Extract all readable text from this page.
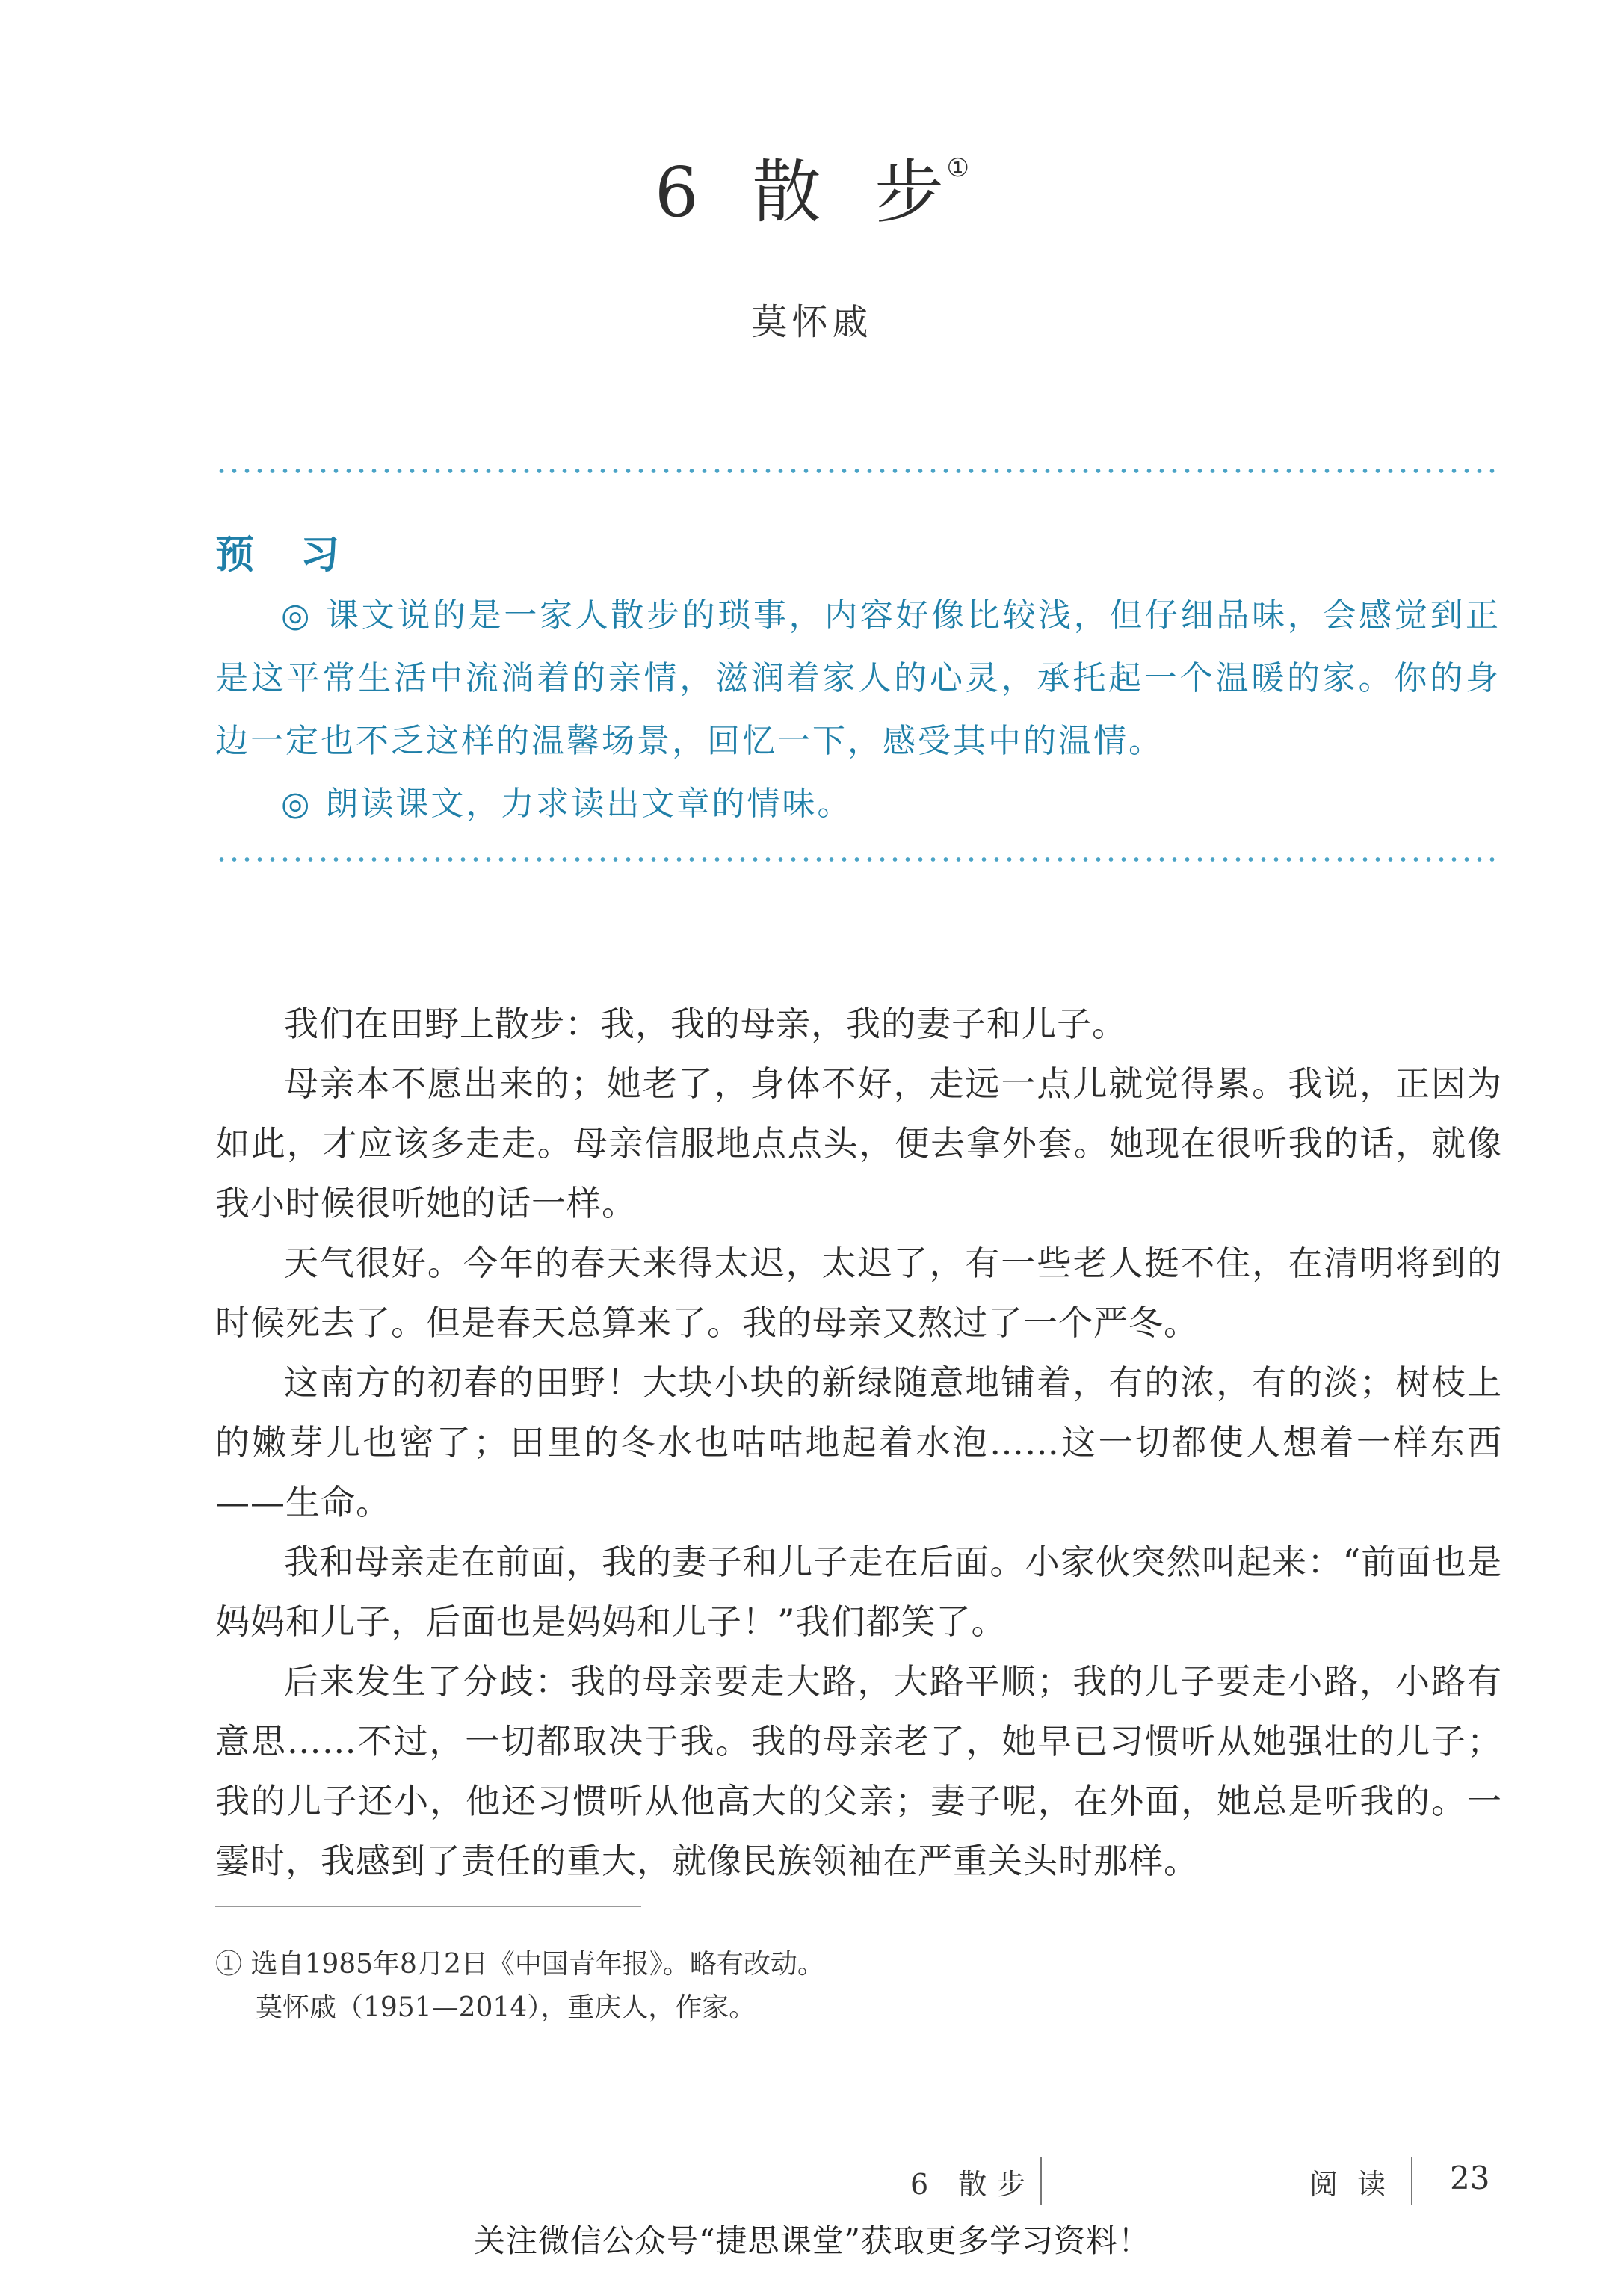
6 散 步 ①
莫怀戚
预 习

◎ 课文说的是一家人散步的琐事，内容好像比较浅，但仔细品味，会感觉到正是这平常生活中流淌着的亲情，滋润着家人的心灵，承托起一个温暖的家。你的身边一定也不乏这样的温馨场景，回忆一下，感受其中的温情。

◎ 朗读课文，力求读出文章的情味。

我们在田野上散步：我，我的母亲，我的妻子和儿子。

母亲本不愿出来的；她老了，身体不好，走远一点儿就觉得累。我说，正因为如此，才应该多走走。母亲信服地点点头，便去拿外套。她现在很听我的话，就像我小时候很听她的话一样。

天气很好。今年的春天来得太迟，太迟了，有一些老人挺不住，在清明将到的时候死去了。但是春天总算来了。我的母亲又熬过了一个严冬。

这南方的初春的田野！大块小块的新绿随意地铺着，有的浓，有的淡；树枝上的嫩芽儿也密了；田里的冬水也咕咕地起着水泡……这一切都使人想着一样东西——生命。

我和母亲走在前面，我的妻子和儿子走在后面。小家伙突然叫起来：“前面也是妈妈和儿子，后面也是妈妈和儿子！”我们都笑了。

后来发生了分歧：我的母亲要走大路，大路平顺；我的儿子要走小路，小路有意思……不过，一切都取决于我。我的母亲老了，她早已习惯听从她强壮的儿子；我的儿子还小，他还习惯听从他高大的父亲；妻子呢，在外面，她总是听我的。一霎时，我感到了责任的重大，就像民族领袖在严重关头时那样。

① 选自1985年8月2日《中国青年报》。略有改动。

莫怀戚（1951—2014），重庆人，作家。

6 散步	阅读 23
关注微信公众号“捷思课堂”获取更多学习资料！
